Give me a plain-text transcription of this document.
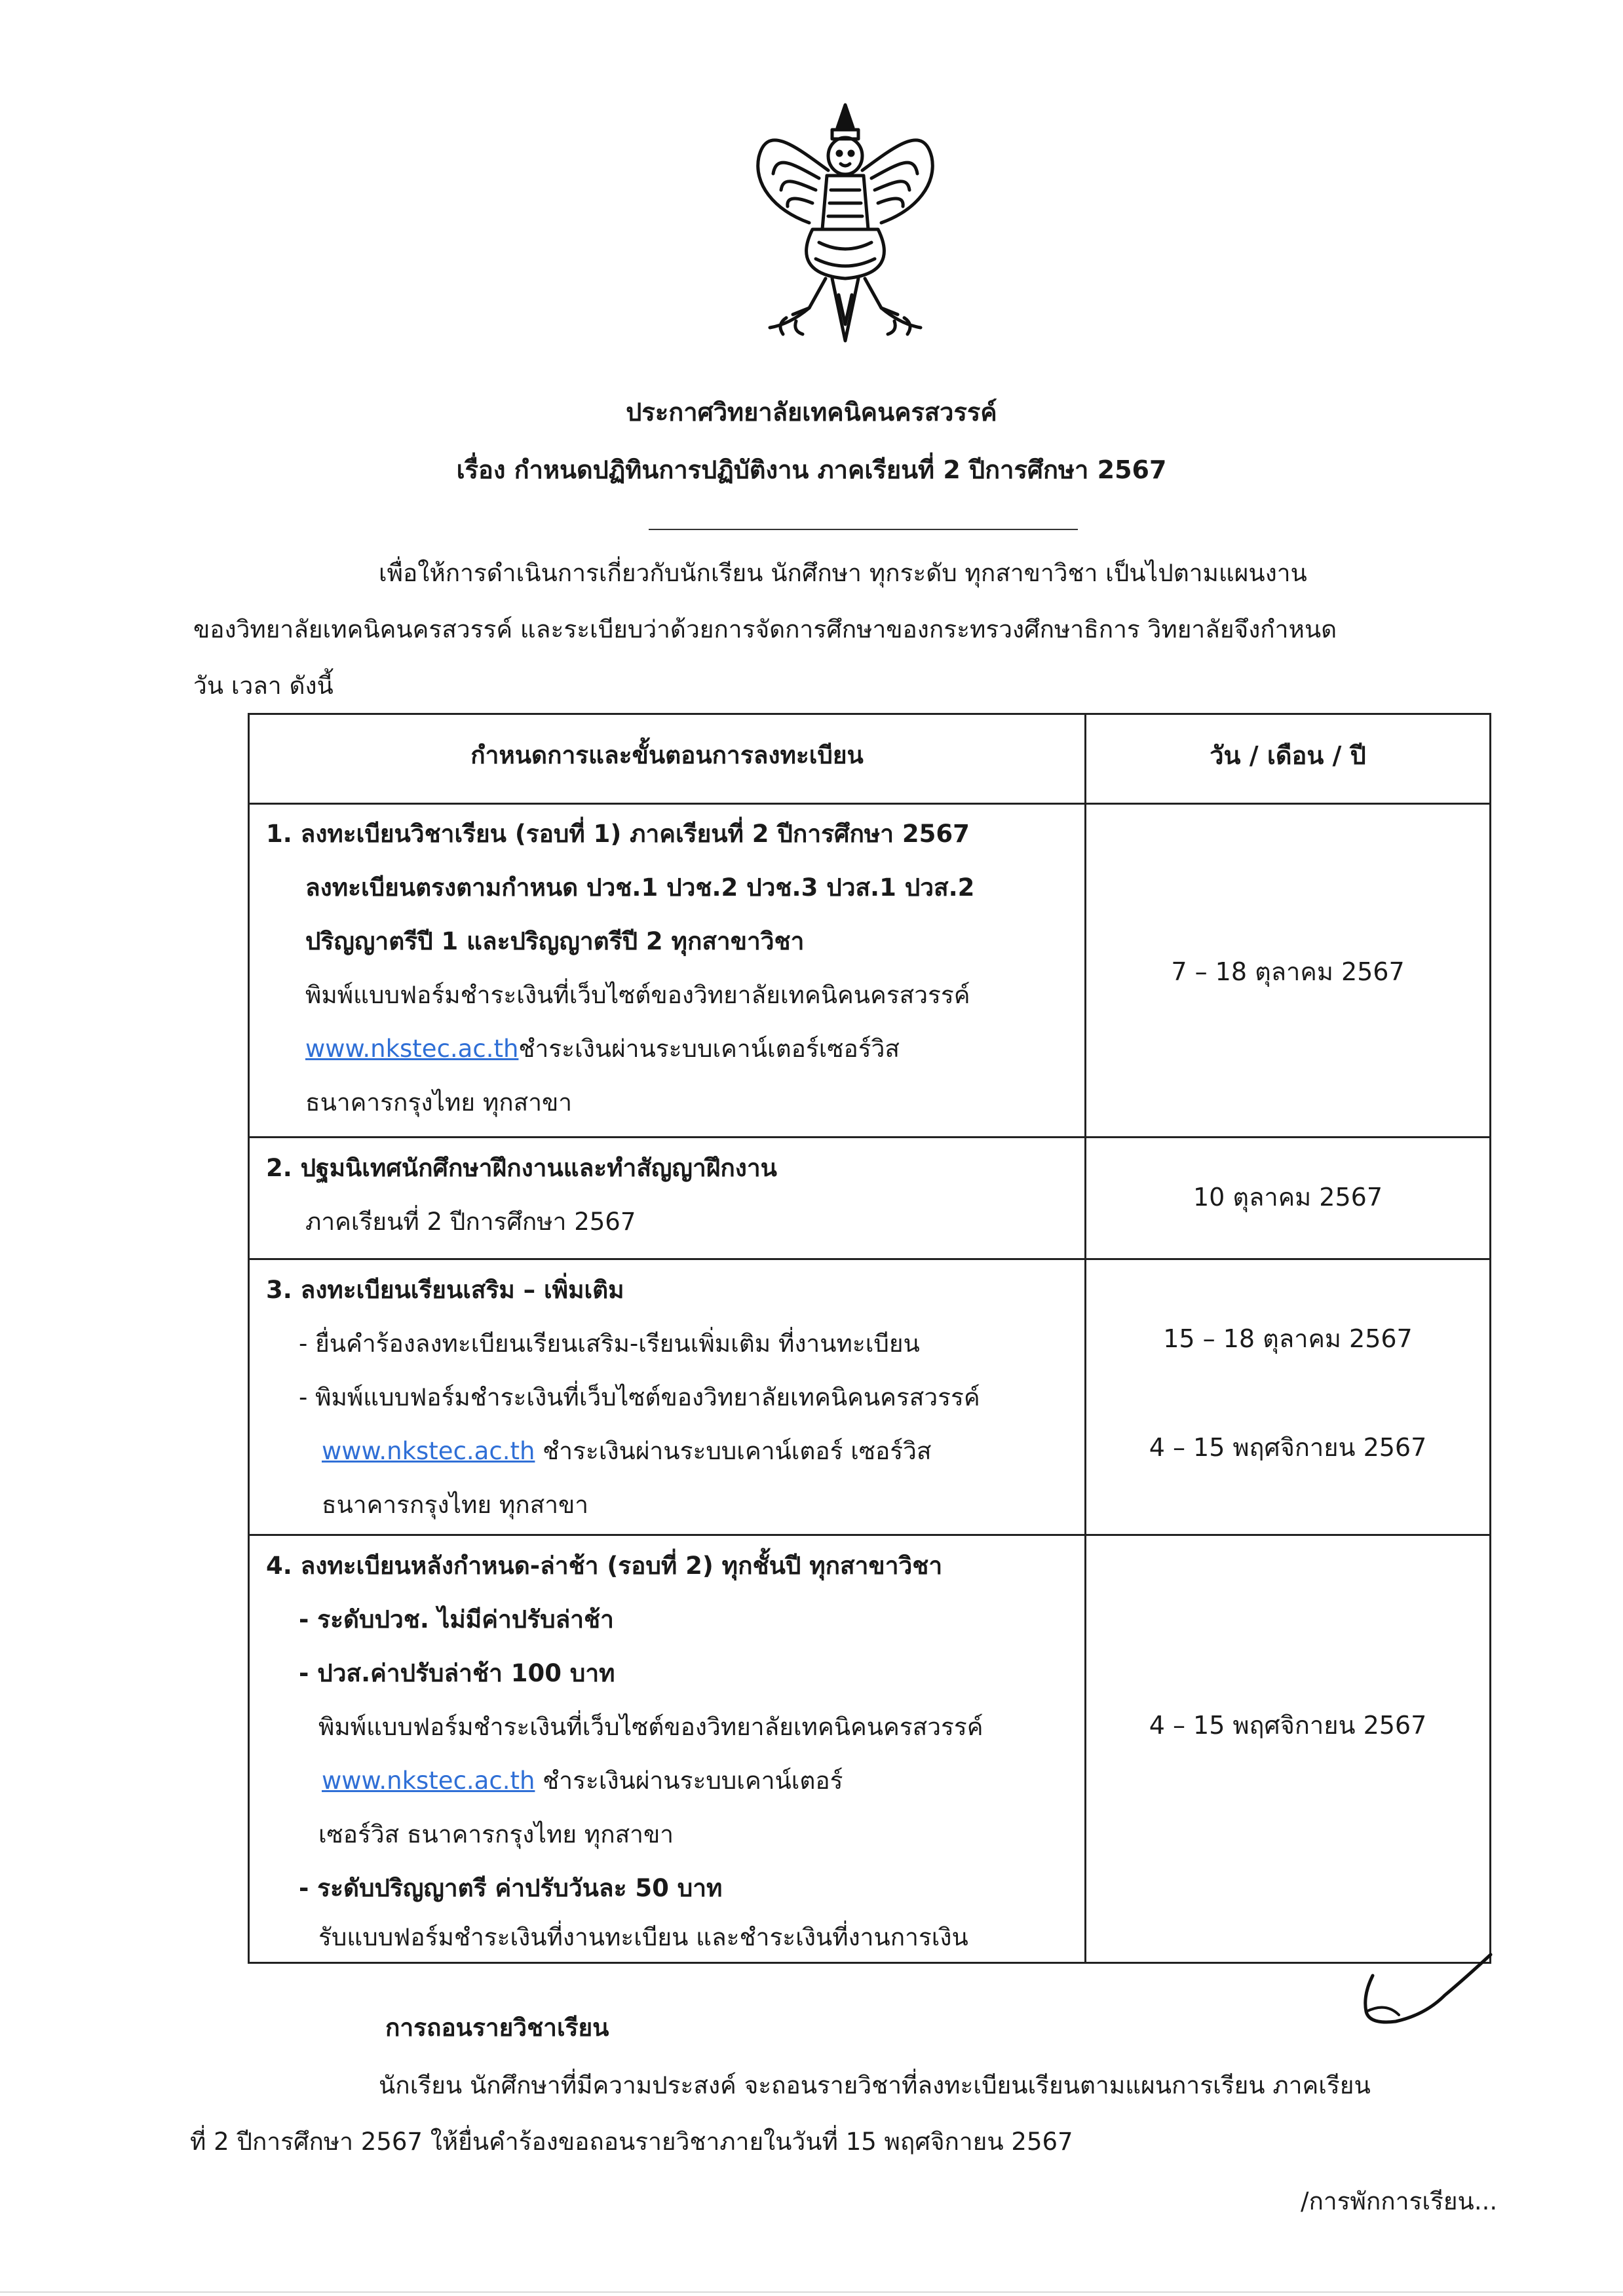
ประกาศวิทยาลัยเทคนิคนครสวรรค์
เรื่อง กำหนดปฏิทินการปฏิบัติงาน ภาคเรียนที่ 2 ปีการศึกษา 2567
เพื่อให้การดำเนินการเกี่ยวกับนักเรียน นักศึกษา ทุกระดับ ทุกสาขาวิชา เป็นไปตามแผนงาน
ของวิทยาลัยเทคนิคนครสวรรค์ และระเบียบว่าด้วยการจัดการศึกษาของกระทรวงศึกษาธิการ วิทยาลัยจึงกำหนด
วัน เวลา ดังนี้
กำหนดการและขั้นตอนการลงทะเบียน	วัน / เดือน / ปี
1. ลงทะเบียนวิชาเรียน (รอบที่ 1) ภาคเรียนที่ 2 ปีการศึกษา 2567
ลงทะเบียนตรงตามกำหนด ปวช.1 ปวช.2 ปวช.3 ปวส.1 ปวส.2
ปริญญาตรีปี 1 และปริญญาตรีปี 2 ทุกสาขาวิชา
พิมพ์แบบฟอร์มชำระเงินที่เว็บไซต์ของวิทยาลัยเทคนิคนครสวรรค์
www.nkstec.ac.thชำระเงินผ่านระบบเคาน์เตอร์เซอร์วิส
ธนาคารกรุงไทย ทุกสาขา
7 – 18 ตุลาคม 2567
2. ปฐมนิเทศนักศึกษาฝึกงานและทำสัญญาฝึกงาน
ภาคเรียนที่ 2 ปีการศึกษา 2567
10 ตุลาคม 2567
3. ลงทะเบียนเรียนเสริม – เพิ่มเติม
- ยื่นคำร้องลงทะเบียนเรียนเสริม-เรียนเพิ่มเติม ที่งานทะเบียน
- พิมพ์แบบฟอร์มชำระเงินที่เว็บไซต์ของวิทยาลัยเทคนิคนครสวรรค์
www.nkstec.ac.th ชำระเงินผ่านระบบเคาน์เตอร์ เซอร์วิส
ธนาคารกรุงไทย ทุกสาขา
15 – 18 ตุลาคม 2567
4 – 15 พฤศจิกายน 2567
4. ลงทะเบียนหลังกำหนด-ล่าช้า (รอบที่ 2) ทุกชั้นปี ทุกสาขาวิชา
- ระดับปวช. ไม่มีค่าปรับล่าช้า
- ปวส.ค่าปรับล่าช้า 100 บาท
พิมพ์แบบฟอร์มชำระเงินที่เว็บไซต์ของวิทยาลัยเทคนิคนครสวรรค์
www.nkstec.ac.th ชำระเงินผ่านระบบเคาน์เตอร์
เซอร์วิส ธนาคารกรุงไทย ทุกสาขา
- ระดับปริญญาตรี ค่าปรับวันละ 50 บาท
รับแบบฟอร์มชำระเงินที่งานทะเบียน และชำระเงินที่งานการเงิน
4 – 15 พฤศจิกายน 2567
การถอนรายวิชาเรียน
นักเรียน นักศึกษาที่มีความประสงค์ จะถอนรายวิชาที่ลงทะเบียนเรียนตามแผนการเรียน ภาคเรียน
ที่ 2 ปีการศึกษา 2567 ให้ยื่นคำร้องขอถอนรายวิชาภายในวันที่ 15 พฤศจิกายน 2567
/การพักการเรียน...
